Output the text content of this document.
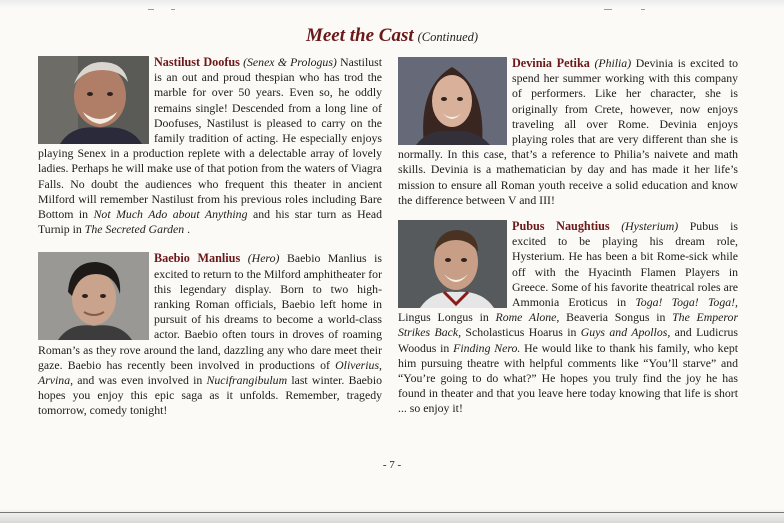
Meet the Cast (Continued)

Nastilust Doofus (Senex & Prologus) Nastilust is an out and proud thespian who has trod the marble for over 50 years. Even so, he oddly remains single! Descended from a long line of Doofuses, Nastilust is pleased to carry on the family tradition of acting. He especially enjoys playing Senex in a production replete with a delectable array of lovely ladies. Perhaps he will make use of that potion from the waters of Viagra Falls. No doubt the audiences who frequent this theater in ancient Milford will remember Nastilust from his previous roles including Bare Bottom in Not Much Ado about Anything and his star turn as Head Turnip in The Secreted Garden .

Baebio Manlius (Hero) Baebio Manlius is excited to return to the Milford amphitheater for this legendary display. Born to two high-ranking Roman officials, Baebio left home in pursuit of his dreams to become a world-class actor. Baebio often tours in droves of roaming Roman’s as they rove around the land, dazzling any who dare meet their gaze. Baebio has recently been involved in productions of Oliverius, Arvina, and was even involved in Nucifrangibulum last winter. Baebio hopes you enjoy this epic saga as it unfolds. Remember, tragedy tomorrow, comedy tonight!

Devinia Petika (Philia) Devinia is excited to spend her summer working with this company of performers. Like her character, she is originally from Crete, however, now enjoys traveling all over Rome. Devinia enjoys playing roles that are very different than she is normally. In this case, that’s a reference to Philia’s naivete and math skills. Devinia is a mathematician by day and has made it her life’s mission to ensure all Roman youth receive a solid education and know the difference between V and III!

Pubus Naughtius (Hysterium) Pubus is excited to be playing his dream role, Hysterium. He has been a bit Rome-sick while off with the Hyacinth Flamen Players in Greece. Some of his favorite theatrical roles are Ammonia Eroticus in Toga! Toga! Toga!, Lingus Longus in Rome Alone, Beaveria Songus in The Emperor Strikes Back, Scholasticus Hoarus in Guys and Apollos, and Ludicrus Woodus in Finding Nero. He would like to thank his family, who kept him pursuing theatre with helpful comments like “You’ll starve” and “You’re going to do what?” He hopes you truly find the joy he has found in theater and that you leave here today knowing that life is short ... so enjoy it!

- 7 -
